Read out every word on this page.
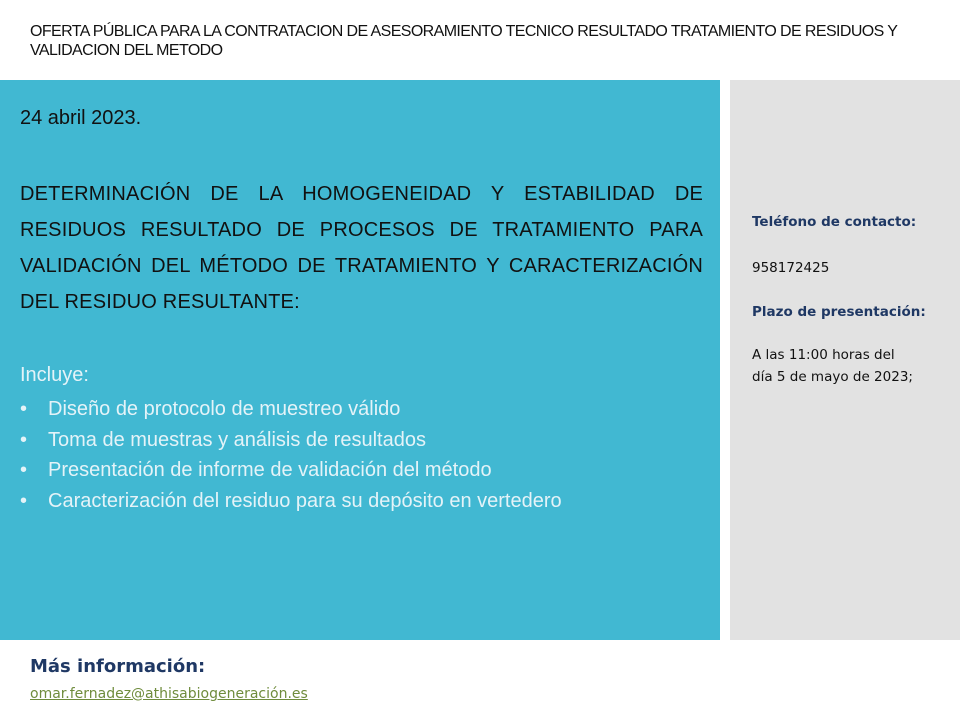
OFERTA PÚBLICA PARA LA CONTRATACION DE ASESORAMIENTO TECNICO RESULTADO TRATAMIENTO DE RESIDUOS Y VALIDACION DEL METODO
24 abril 2023.
DETERMINACIÓN DE LA HOMOGENEIDAD Y ESTABILIDAD DE RESIDUOS RESULTADO DE PROCESOS DE TRATAMIENTO PARA VALIDACIÓN DEL MÉTODO DE TRATAMIENTO Y CARACTERIZACIÓN DEL RESIDUO RESULTANTE:
Incluye:
• Diseño de protocolo de muestreo válido
• Toma de muestras y análisis de resultados
• Presentación de informe de validación del método
• Caracterización del residuo para su depósito en vertedero
Teléfono de contacto:
958172425
Plazo de presentación:
A las 11:00 horas del
día 5 de mayo de 2023;
Más información:
omar.fernadez@athisabiogeneración.es
